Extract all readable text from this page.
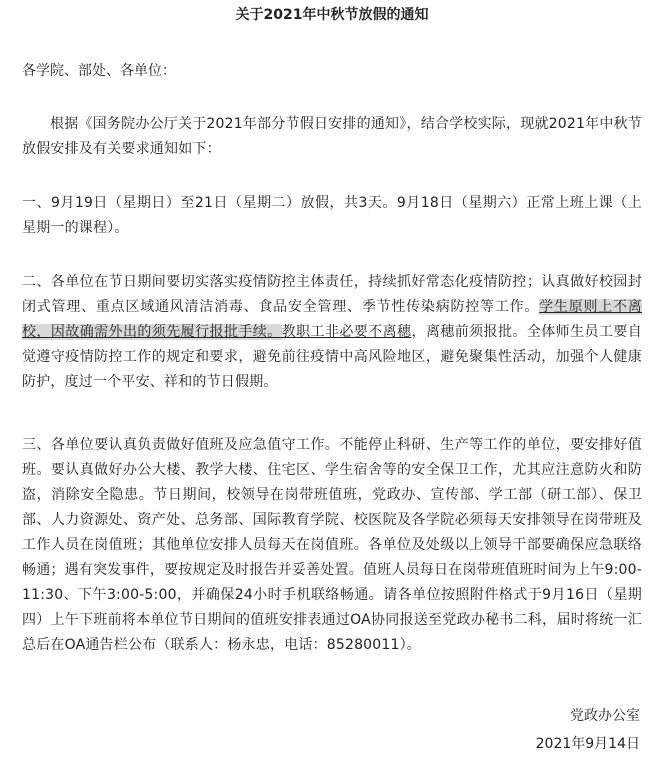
关于2021年中秋节放假的通知

各学院、部处、各单位：

根据《国务院办公厅关于2021年部分节假日安排的通知》，结合学校实际，现就2021年中秋节放假安排及有关要求通知如下：

一、9月19日（星期日）至21日（星期二）放假，共3天。9月18日（星期六）正常上班上课（上星期一的课程）。

二、各单位在节日期间要切实落实疫情防控主体责任，持续抓好常态化疫情防控；认真做好校园封闭式管理、重点区域通风清洁消毒、食品安全管理、季节性传染病防控等工作。学生原则上不离校，因故确需外出的须先履行报批手续。教职工非必要不离穗，离穗前须报批。全体师生员工要自觉遵守疫情防控工作的规定和要求，避免前往疫情中高风险地区，避免聚集性活动，加强个人健康防护，度过一个平安、祥和的节日假期。

三、各单位要认真负责做好值班及应急值守工作。不能停止科研、生产等工作的单位，要安排好值班。要认真做好办公大楼、教学大楼、住宅区、学生宿舍等的安全保卫工作，尤其应注意防火和防盗，消除安全隐患。节日期间，校领导在岗带班值班，党政办、宣传部、学工部（研工部）、保卫部、人力资源处、资产处、总务部、国际教育学院、校医院及各学院必须每天安排领导在岗带班及工作人员在岗值班；其他单位安排人员每天在岗值班。各单位及处级以上领导干部要确保应急联络畅通；遇有突发事件，要按规定及时报告并妥善处置。值班人员每日在岗带班值班时间为上午9:00-11:30、下午3:00-5:00，并确保24小时手机联络畅通。请各单位按照附件格式于9月16日（星期四）上午下班前将本单位节日期间的值班安排表通过OA协同报送至党政办秘书二科，届时将统一汇总后在OA通告栏公布（联系人：杨永忠，电话：85280011）。

党政办公室

2021年9月14日
